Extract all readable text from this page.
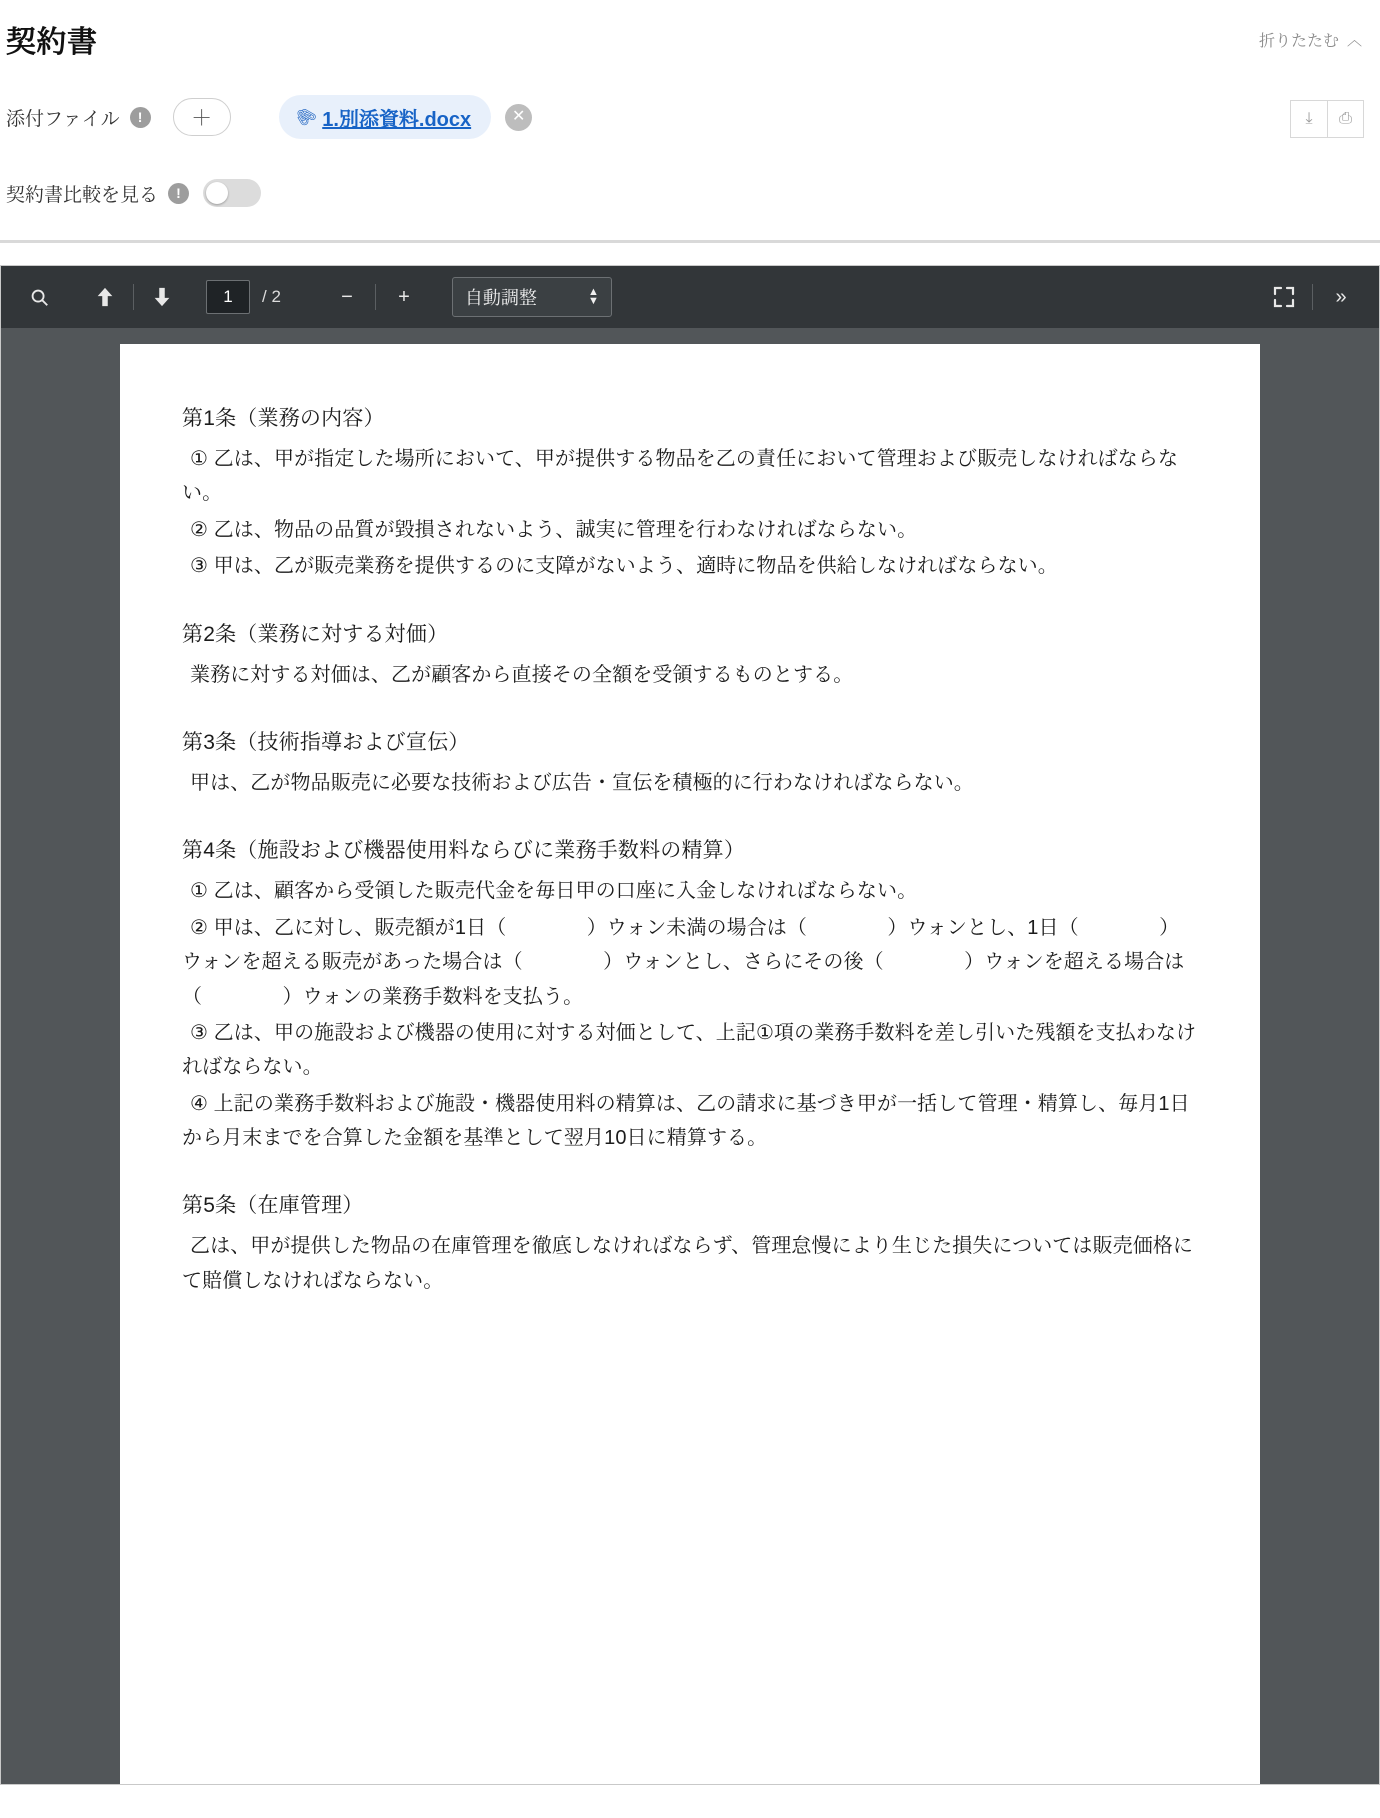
契約書	折りたたむ ︿
添付ファイル	!	＋	🖇 1.別添資料.docx	✕	⤓	⎙
契約書比較を見る	!
1
/ 2	−	+	自動調整	▲
▼	»
第1条（業務の内容）

① 乙は、甲が指定した場所において、甲が提供する物品を乙の責任において管理および販売しなければならない。

② 乙は、物品の品質が毀損されないよう、誠実に管理を行わなければならない。

③ 甲は、乙が販売業務を提供するのに支障がないよう、適時に物品を供給しなければならない。

第2条（業務に対する対価）

業務に対する対価は、乙が顧客から直接その全額を受領するものとする。

第3条（技術指導および宣伝）

甲は、乙が物品販売に必要な技術および広告・宣伝を積極的に行わなければならない。

第4条（施設および機器使用料ならびに業務手数料の精算）

① 乙は、顧客から受領した販売代金を毎日甲の口座に入金しなければならない。

② 甲は、乙に対し、販売額が1日（　　　　）ウォン未満の場合は（　　　　）ウォンとし、1日（　　　　）ウォンを超える販売があった場合は（　　　　）ウォンとし、さらにその後（　　　　）ウォンを超える場合は（　　　　）ウォンの業務手数料を支払う。

③ 乙は、甲の施設および機器の使用に対する対価として、上記①項の業務手数料を差し引いた残額を支払わなければならない。

④ 上記の業務手数料および施設・機器使用料の精算は、乙の請求に基づき甲が一括して管理・精算し、毎月1日から月末までを合算した金額を基準として翌月10日に精算する。

第5条（在庫管理）

乙は、甲が提供した物品の在庫管理を徹底しなければならず、管理怠慢により生じた損失については販売価格にて賠償しなければならない。
